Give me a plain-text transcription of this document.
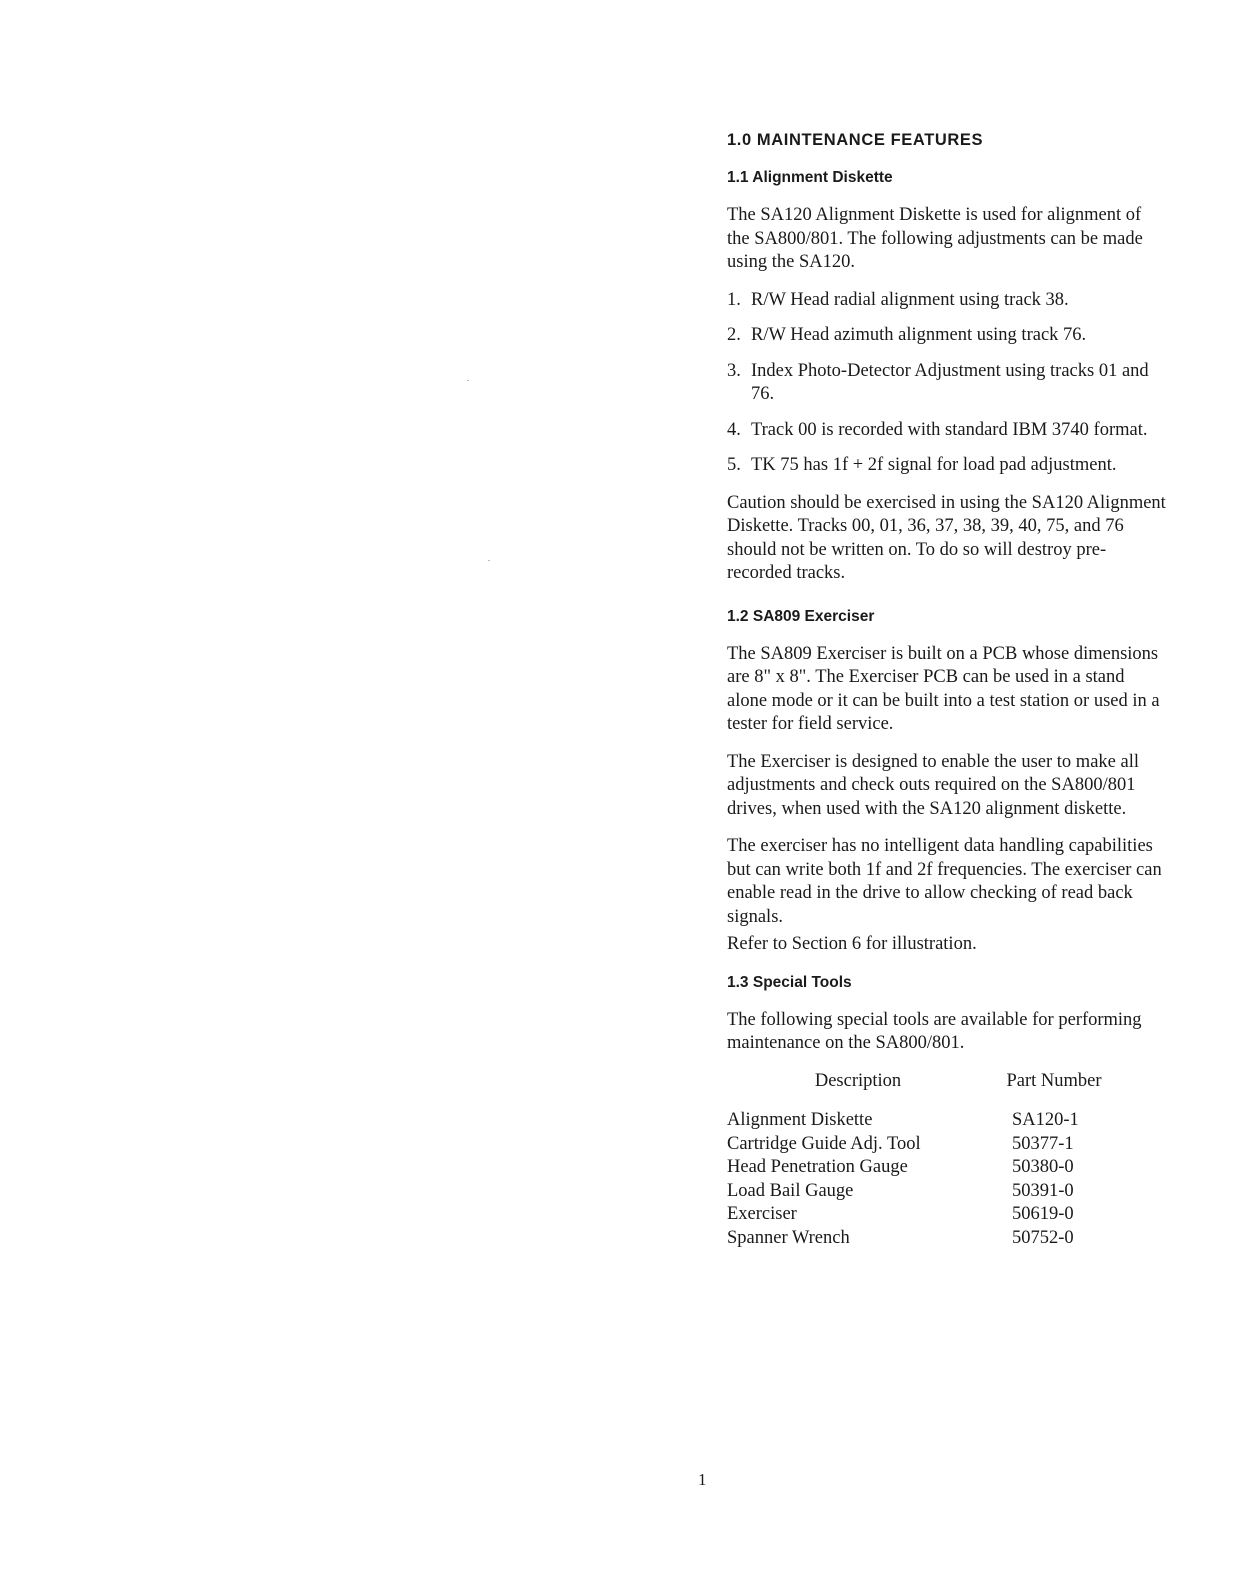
1.0 MAINTENANCE FEATURES
1.1 Alignment Diskette

The SA120 Alignment Diskette is used for alignment of the SA800/801. The following adjustments can be made using the SA120.

1. R/W Head radial alignment using track 38.
2. R/W Head azimuth alignment using track 76.
3. Index Photo-Detector Adjustment using tracks 01 and 76.
4. Track 00 is recorded with standard IBM 3740 format.
5. TK 75 has 1f + 2f signal for load pad adjustment.

Caution should be exercised in using the SA120 Alignment Diskette. Tracks 00, 01, 36, 37, 38, 39, 40, 75, and 76 should not be written on. To do so will destroy pre-recorded tracks.

1.2 SA809 Exerciser

The SA809 Exerciser is built on a PCB whose dimensions are 8" x 8". The Exerciser PCB can be used in a stand alone mode or it can be built into a test station or used in a tester for field service.

The Exerciser is designed to enable the user to make all adjustments and check outs required on the SA800/801 drives, when used with the SA120 alignment diskette.

The exerciser has no intelligent data handling capabilities but can write both 1f and 2f frequencies. The exerciser can enable read in the drive to allow checking of read back signals.

Refer to Section 6 for illustration.

1.3 Special Tools

The following special tools are available for performing maintenance on the SA800/801.

Description	Part Number
Alignment Diskette	SA120-1
Cartridge Guide Adj. Tool	50377-1
Head Penetration Gauge	50380-0
Load Bail Gauge	50391-0
Exerciser	50619-0
Spanner Wrench	50752-0
1
